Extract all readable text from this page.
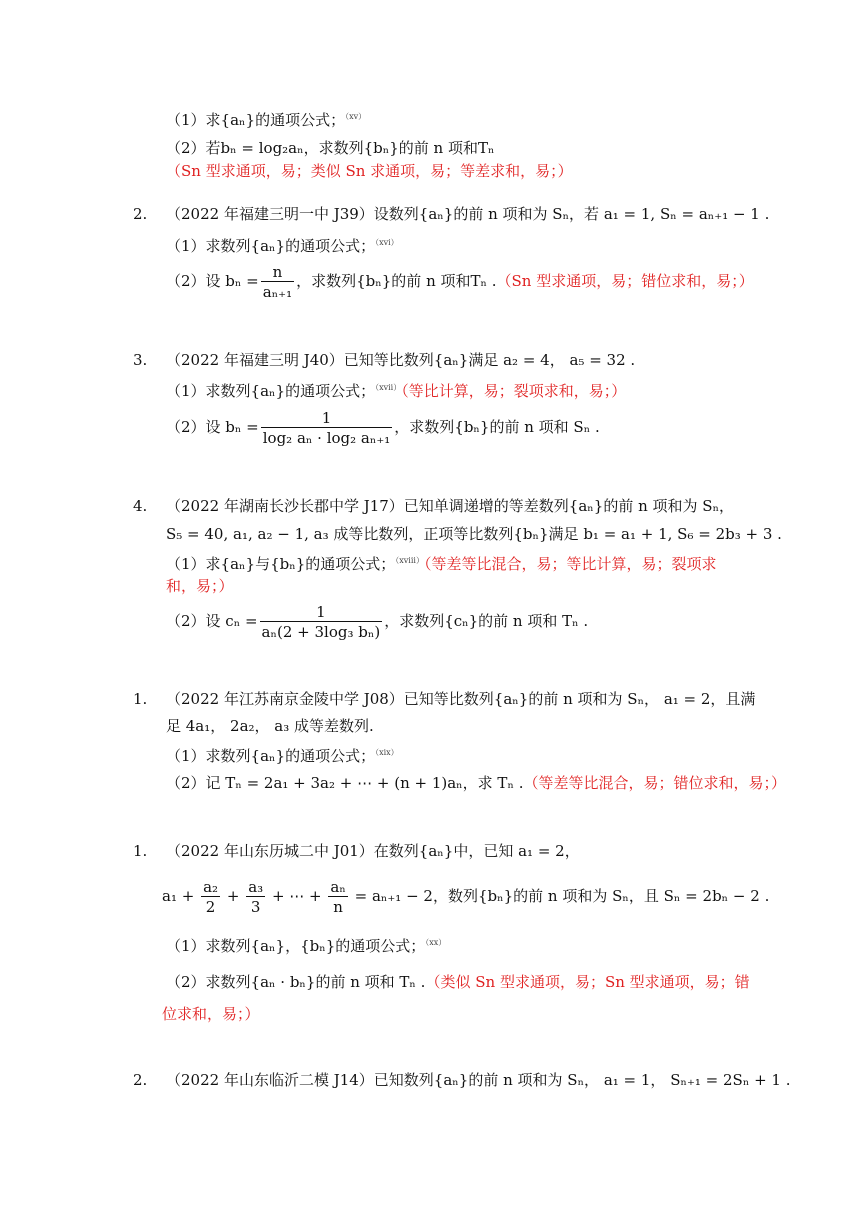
（1）求{aₙ}的通项公式；$^{(xv)}$
（2）若bₙ = log₂aₙ，求数列{bₙ}的前 n 项和Tₙ
（Sn 型求通项，易；类似 Sn 求通项，易；等差求和，易；）
2. （2022 年福建三明一中 J39）设数列{aₙ}的前 n 项和为 Sₙ，若 a₁ = 1, Sₙ = aₙ₊₁ − 1 .
（1）求数列{aₙ}的通项公式；$^{(xvi)}$
（2）设 $b_n = \frac{n}{\text{aₙ₊₁}}$ ，求数列{bₙ}的前 n 项和Tₙ .（Sn 型求通项，易；错位求和，易；）
3. （2022 年福建三明 J40）已知等比数列{aₙ}满足 a₂ = 4， a₅ = 32 .
（1）求数列{aₙ}的通项公式；$^{(xvii)}$（等比计算，易；裂项求和，易；）
（2）设 $b_n = \frac{1}{\text{log₂ aₙ · log₂ aₙ₊₁}}$ ，求数列{bₙ}的前 n 项和 Sₙ .
4. （2022 年湖南长沙长郡中学 J17）已知单调递增的等差数列{aₙ}的前 n 项和为 Sₙ，
S₅ = 40, a₁, a₂ − 1, a₃ 成等比数列，正项等比数列{bₙ}满足 b₁ = a₁ + 1, S₆ = 2b₃ + 3 .
（1）求{aₙ}与{bₙ}的通项公式；$^{(xviii)}$（等差等比混合，易；等比计算，易；裂项求
和，易；）
（2）设 $c_n = \frac{1}{\text{aₙ(2 + 3log₃ bₙ)}}$ ，求数列{cₙ}的前 n 项和 Tₙ .
1. （2022 年江苏南京金陵中学 J08）已知等比数列{aₙ}的前 n 项和为 Sₙ， a₁ = 2，且满
足 4a₁， 2a₂， a₃ 成等差数列.
（1）求数列{aₙ}的通项公式；$^{(xix)}$
（2）记 Tₙ = 2a₁ + 3a₂ + ⋯ + (n + 1)aₙ，求 Tₙ .（等差等比混合，易；错位求和，易；）
1. （2022 年山东历城二中 J01）在数列{aₙ}中，已知 a₁ = 2，
$a_1 + \frac{\text{a₂}}{2} + \frac{\text{a₃}}{3}$ + ⋯ + $\frac{\text{aₙ}}{n} = a_{n+1} - 2$，数列{bₙ}的前 n 项和为 Sₙ，且 Sₙ = 2bₙ − 2 .
（1）求数列{aₙ}，{bₙ}的通项公式；$^{(xx)}$
（2）求数列{aₙ · bₙ}的前 n 项和 Tₙ .（类似 Sn 型求通项，易；Sn 型求通项，易；错
位求和，易；）
2. （2022 年山东临沂二模 J14）已知数列{aₙ}的前 n 项和为 Sₙ， a₁ = 1， Sₙ₊₁ = 2Sₙ + 1 .
